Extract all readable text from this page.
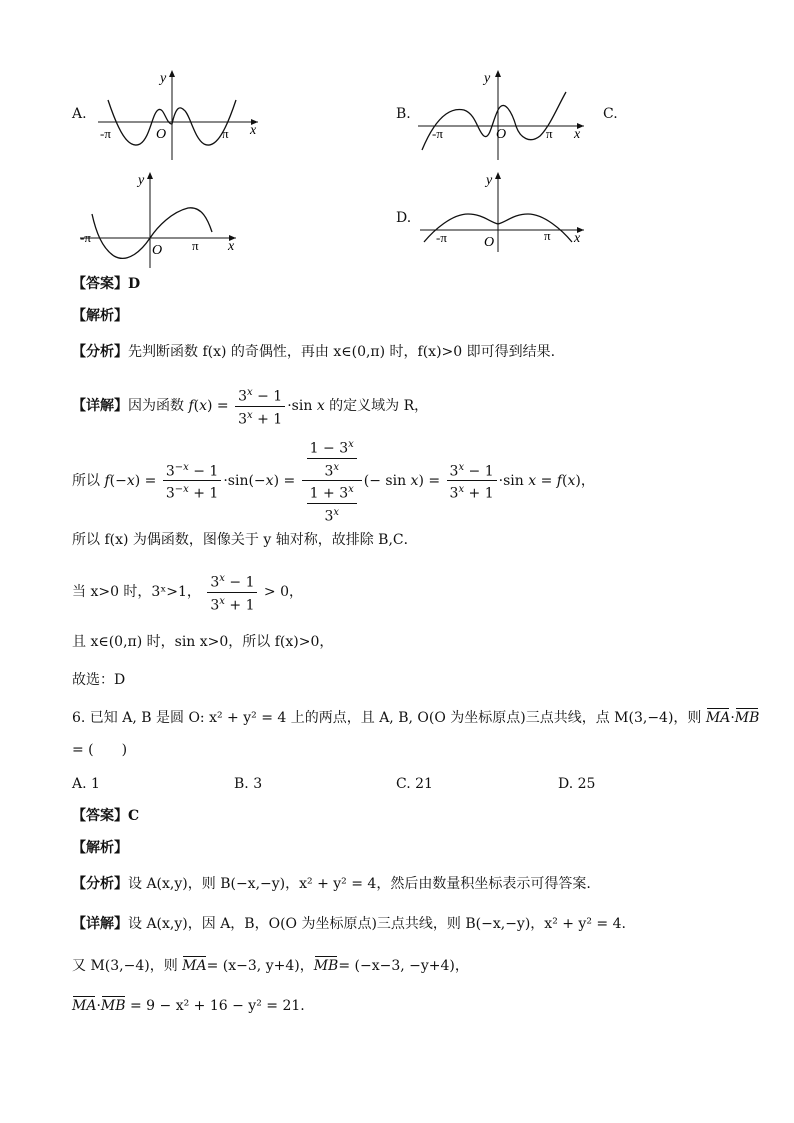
A.
y
x
O
-π	π
B.
y
x
O
-π	π
C.
y
x
O
-π
π
D.
y
x
O
-π	π
【答案】D
【解析】
【分析】先判断函数 f(x) 的奇偶性，再由 x∈(0,π) 时，f(x)>0 即可得到结果.
【详解】因为函数 $f(x) = \frac{3^x - 1}{3^x + 1} \cdot\sin$ x 的定义域为 R，
所以 $f(-x) = \frac{3^{-x} - 1}{3^{-x} + 1} \cdot\sin(-x) = \frac{\frac{1 - 3^x}{3^x}}{\frac{1 + 3^x}{3^x}}$ (− $\sin x) = \frac{3^x - 1}{3^x + 1} \cdot\sin$ x = f(x)，
所以 f(x) 为偶函数，图像关于 y 轴对称，故排除 B,C．
当 x>0 时，3ˣ>1， $\frac{3^x - 1}{3^x + 1} > 0$，
且 x∈(0,π) 时，sin x>0，所以 f(x)>0，
故选：D
6. 已知 A, B 是圆 O: x² + y² = 4 上的两点，且 A, B, O(O 为坐标原点)三点共线，点 M(3,−4)，则 MA·MB
= (　　)
A. 1	B. 3	C. 21	D. 25
【答案】C
【解析】
【分析】设 A(x,y)，则 B(−x,−y)，x² + y² = 4，然后由数量积坐标表示可得答案.
【详解】设 A(x,y)，因 A，B，O(O 为坐标原点)三点共线，则 B(−x,−y)，x² + y² = 4.
又 M(3,−4)，则 MA= (x−3, y+4)，MB= (−x−3, −y+4)，
MA·MB = 9 − x² + 16 − y² = 21.
